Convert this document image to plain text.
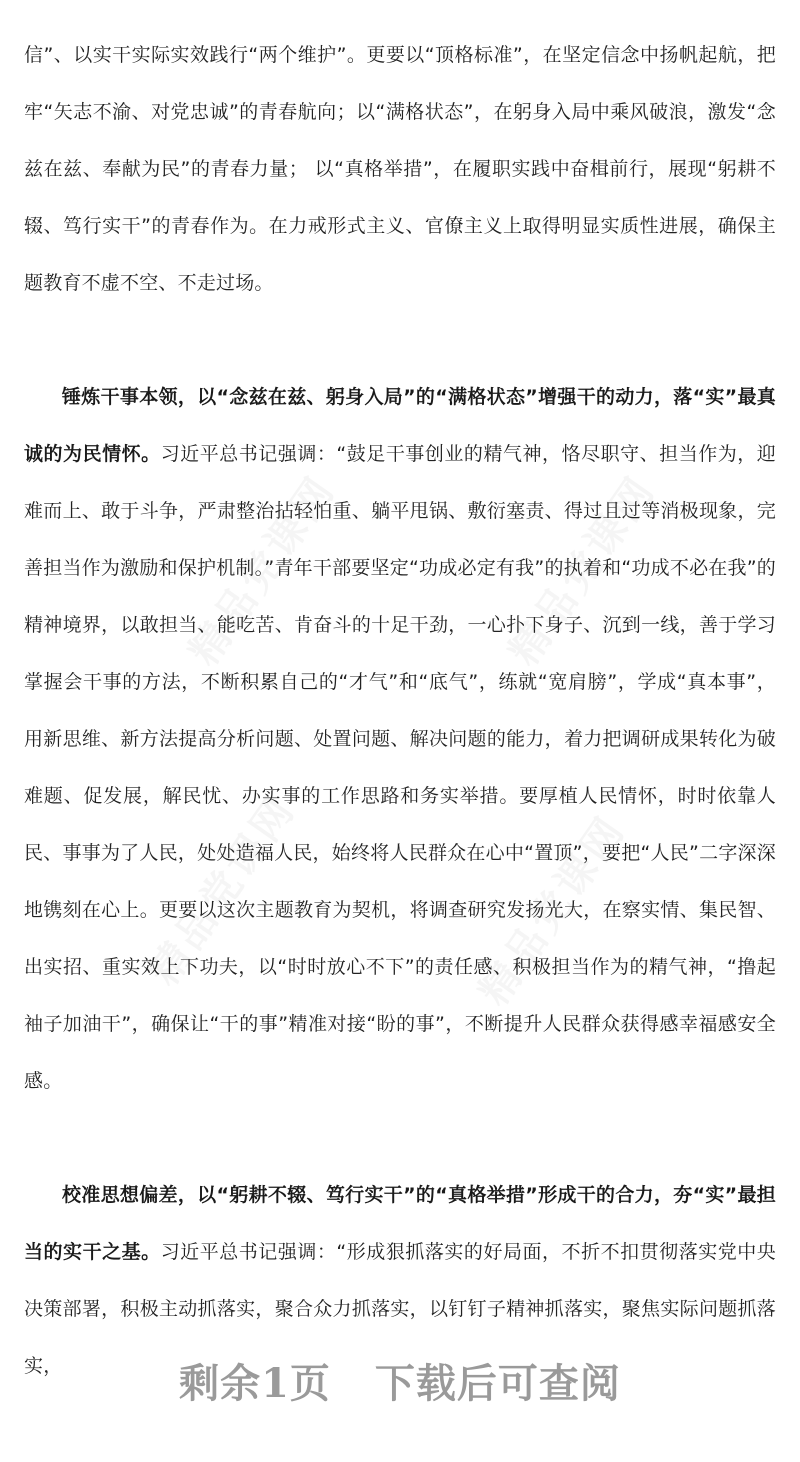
精品党课网	精品党课网
精品党课网	精品党课网

信”、以实干实际实效践行“两个维护”。更要以“顶格标准”，在坚定信念中扬帆起航，把牢“矢志不渝、对党忠诚”的青春航向；以“满格状态”，在躬身入局中乘风破浪，激发“念兹在兹、奉献为民”的青春力量； 以“真格举措”，在履职实践中奋楫前行，展现“躬耕不辍、笃行实干”的青春作为。在力戒形式主义、官僚主义上取得明显实质性进展，确保主题教育不虚不空、不走过场。

锤炼干事本领，以“念兹在兹、躬身入局”的“满格状态”增强干的动力，落“实”最真诚的为民情怀。习近平总书记强调：“鼓足干事创业的精气神，恪尽职守、担当作为，迎难而上、敢于斗争，严肃整治拈轻怕重、躺平甩锅、敷衍塞责、得过且过等消极现象，完善担当作为激励和保护机制。”青年干部要坚定“功成必定有我”的执着和“功成不必在我”的精神境界，以敢担当、能吃苦、肯奋斗的十足干劲，一心扑下身子、沉到一线，善于学习掌握会干事的方法，不断积累自己的“才气”和“底气”，练就“宽肩膀”，学成“真本事”，用新思维、新方法提高分析问题、处置问题、解决问题的能力，着力把调研成果转化为破难题、促发展，解民忧、办实事的工作思路和务实举措。要厚植人民情怀，时时依靠人民、事事为了人民，处处造福人民，始终将人民群众在心中“置顶”，要把“人民”二字深深地镌刻在心上。更要以这次主题教育为契机，将调查研究发扬光大，在察实情、集民智、出实招、重实效上下功夫，以“时时放心不下”的责任感、积极担当作为的精气神，“撸起袖子加油干”，确保让“干的事”精准对接“盼的事”，不断提升人民群众获得感幸福感安全感。

校准思想偏差，以“躬耕不辍、笃行实干”的“真格举措”形成干的合力，夯“实”最担当的实干之基。习近平总书记强调：“形成狠抓落实的好局面，不折不扣贯彻落实党中央决策部署，积极主动抓落实，聚合众力抓落实，以钉钉子精神抓落实，聚焦实际问题抓落实，	剩余1页 下载后可查阅
